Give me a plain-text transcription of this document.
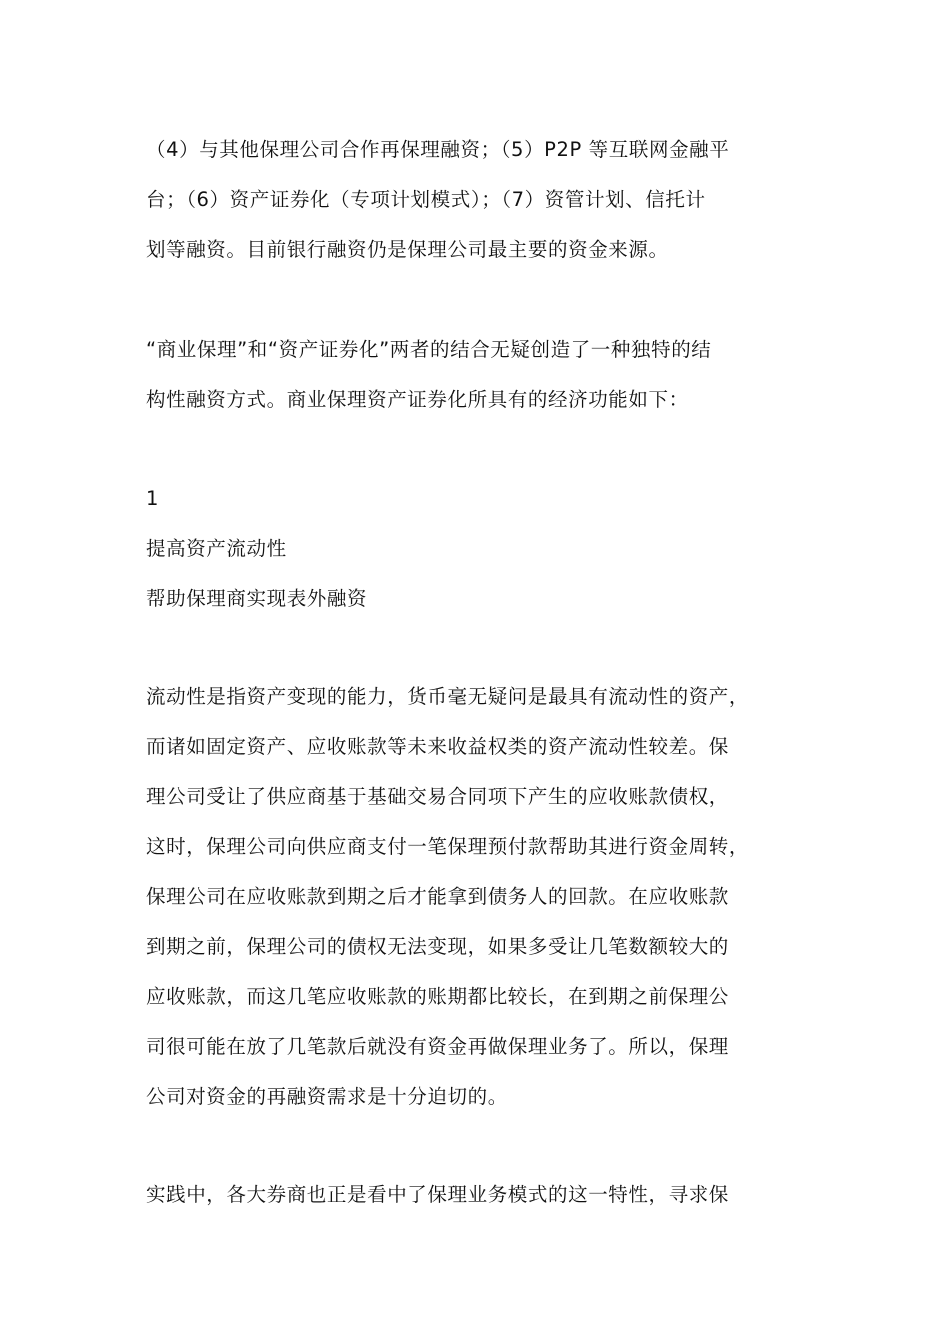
（4）与其他保理公司合作再保理融资；（5）P2P 等互联网金融平
台；（6）资产证券化（专项计划模式）；（7）资管计划、信托计
划等融资。目前银行融资仍是保理公司最主要的资金来源。
“商业保理”和“资产证券化”两者的结合无疑创造了一种独特的结
构性融资方式。商业保理资产证券化所具有的经济功能如下：
1
提高资产流动性
帮助保理商实现表外融资
流动性是指资产变现的能力，货币毫无疑问是最具有流动性的资产，
而诸如固定资产、应收账款等未来收益权类的资产流动性较差。保
理公司受让了供应商基于基础交易合同项下产生的应收账款债权，
这时，保理公司向供应商支付一笔保理预付款帮助其进行资金周转，
保理公司在应收账款到期之后才能拿到债务人的回款。在应收账款
到期之前，保理公司的债权无法变现，如果多受让几笔数额较大的
应收账款，而这几笔应收账款的账期都比较长，在到期之前保理公
司很可能在放了几笔款后就没有资金再做保理业务了。所以，保理
公司对资金的再融资需求是十分迫切的。
实践中，各大券商也正是看中了保理业务模式的这一特性，寻求保
